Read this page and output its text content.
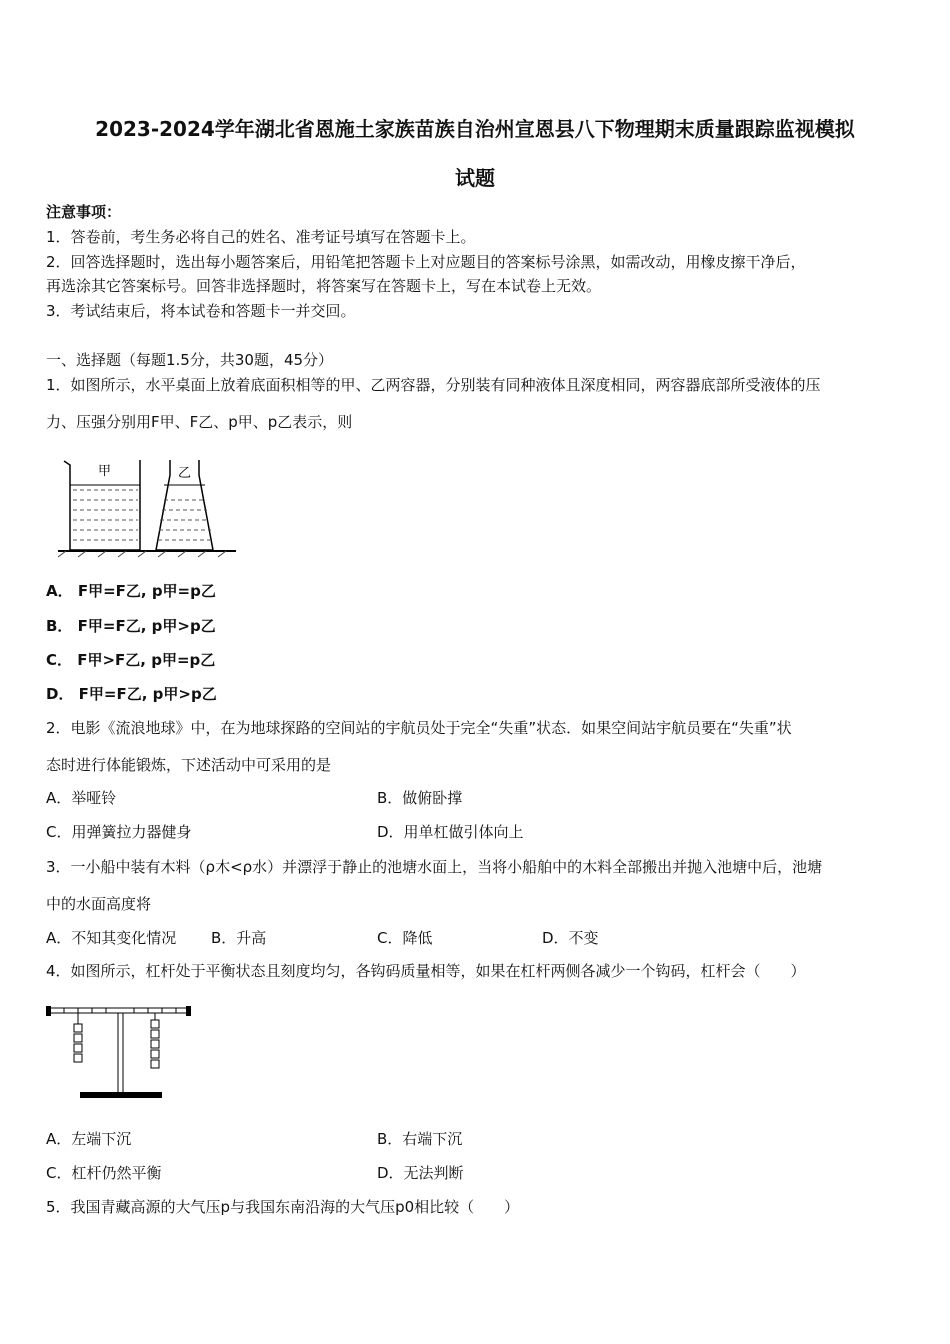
2023-2024学年湖北省恩施土家族苗族自治州宣恩县八下物理期末质量跟踪监视模拟
试题
注意事项：
1．答卷前，考生务必将自己的姓名、准考证号填写在答题卡上。
2．回答选择题时，选出每小题答案后，用铅笔把答题卡上对应题目的答案标号涂黑，如需改动，用橡皮擦干净后，
再选涂其它答案标号。回答非选择题时，将答案写在答题卡上，写在本试卷上无效。
3．考试结束后，将本试卷和答题卡一并交回。
一、选择题（每题1.5分，共30题，45分）
1．如图所示，水平桌面上放着底面积相等的甲、乙两容器，分别装有同种液体且深度相同，两容器底部所受液体的压
力、压强分别用F甲、F乙、p甲、p乙表示，则
甲	乙
A． F甲=F乙, p甲=p乙
B． F甲=F乙, p甲>p乙
C． F甲>F乙, p甲=p乙
D． F甲=F乙, p甲>p乙
2．电影《流浪地球》中，在为地球探路的空间站的宇航员处于完全“失重”状态．如果空间站宇航员要在“失重”状
态时进行体能锻炼，下述活动中可采用的是
A．举哑铃	B．做俯卧撑
C．用弹簧拉力器健身	D．用单杠做引体向上
3．一小船中装有木料（ρ木<ρ水）并漂浮于静止的池塘水面上，当将小船舶中的木料全部搬出并抛入池塘中后，池塘
中的水面高度将
A．不知其变化情况 B．升高	C．降低	D．不变
4．如图所示，杠杆处于平衡状态且刻度均匀，各钩码质量相等，如果在杠杆两侧各减少一个钩码，杠杆会（　　）
A．左端下沉	B．右端下沉
C．杠杆仍然平衡	D．无法判断
5．我国青藏高源的大气压p与我国东南沿海的大气压p0相比较（　　）
